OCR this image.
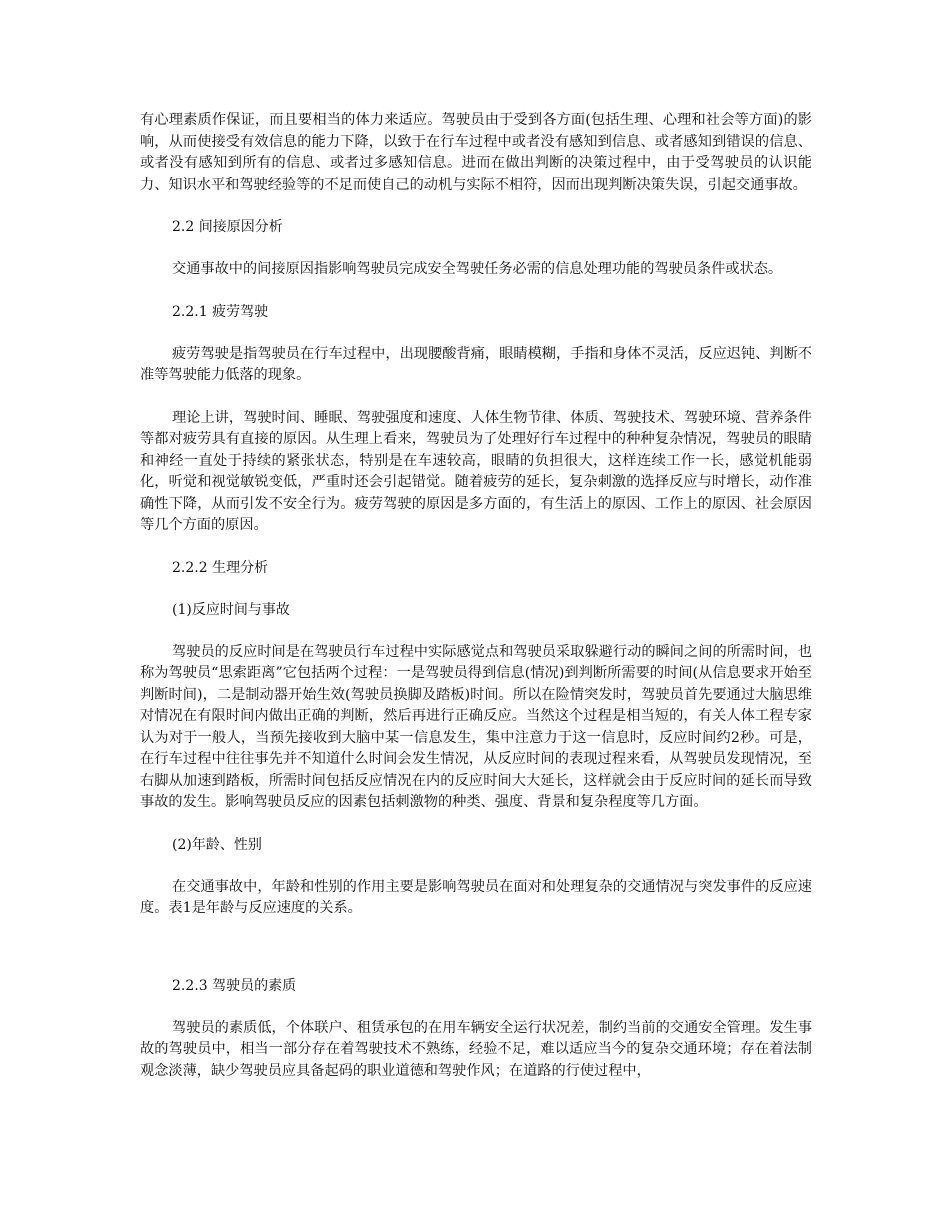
有心理素质作保证，而且要相当的体力来适应。驾驶员由于受到各方面(包括生理、心理和社会等方面)的影响，从而使接受有效信息的能力下降，以致于在行车过程中或者没有感知到信息、或者感知到错误的信息、或者没有感知到所有的信息、或者过多感知信息。进而在做出判断的决策过程中，由于受驾驶员的认识能力、知识水平和驾驶经验等的不足而使自己的动机与实际不相符，因而出现判断决策失误，引起交通事故。

2.2 间接原因分析

交通事故中的间接原因指影响驾驶员完成安全驾驶任务必需的信息处理功能的驾驶员条件或状态。

2.2.1 疲劳驾驶

疲劳驾驶是指驾驶员在行车过程中，出现腰酸背痛，眼睛模糊，手指和身体不灵活，反应迟钝、判断不准等驾驶能力低落的现象。

理论上讲，驾驶时间、睡眠、驾驶强度和速度、人体生物节律、体质、驾驶技术、驾驶环境、营养条件等都对疲劳具有直接的原因。从生理上看来，驾驶员为了处理好行车过程中的种种复杂情况，驾驶员的眼睛和神经一直处于持续的紧张状态，特别是在车速较高，眼睛的负担很大，这样连续工作一长，感觉机能弱化，听觉和视觉敏锐变低，严重时还会引起错觉。随着疲劳的延长，复杂刺激的选择反应与时增长，动作准确性下降，从而引发不安全行为。疲劳驾驶的原因是多方面的，有生活上的原因、工作上的原因、社会原因等几个方面的原因。

2.2.2 生理分析

(1)反应时间与事故

驾驶员的反应时间是在驾驶员行车过程中实际感觉点和驾驶员采取躲避行动的瞬间之间的所需时间，也称为驾驶员“思索距离”它包括两个过程：一是驾驶员得到信息(情况)到判断所需要的时间(从信息要求开始至判断时间)，二是制动器开始生效(驾驶员换脚及踏板)时间。所以在险情突发时，驾驶员首先要通过大脑思维对情况在有限时间内做出正确的判断，然后再进行正确反应。当然这个过程是相当短的，有关人体工程专家认为对于一般人，当预先接收到大脑中某一信息发生，集中注意力于这一信息时，反应时间约2秒。可是，在行车过程中往往事先并不知道什么时间会发生情况，从反应时间的表现过程来看，从驾驶员发现情况，至右脚从加速到踏板，所需时间包括反应情况在内的反应时间大大延长，这样就会由于反应时间的延长而导致事故的发生。影响驾驶员反应的因素包括刺激物的种类、强度、背景和复杂程度等几方面。

(2)年龄、性别

在交通事故中，年龄和性别的作用主要是影响驾驶员在面对和处理复杂的交通情况与突发事件的反应速度。表1是年龄与反应速度的关系。

2.2.3 驾驶员的素质

驾驶员的素质低，个体联户、租赁承包的在用车辆安全运行状况差，制约当前的交通安全管理。发生事故的驾驶员中，相当一部分存在着驾驶技术不熟练，经验不足，难以适应当今的复杂交通环境；存在着法制观念淡薄，缺少驾驶员应具备起码的职业道德和驾驶作风；在道路的行使过程中，
